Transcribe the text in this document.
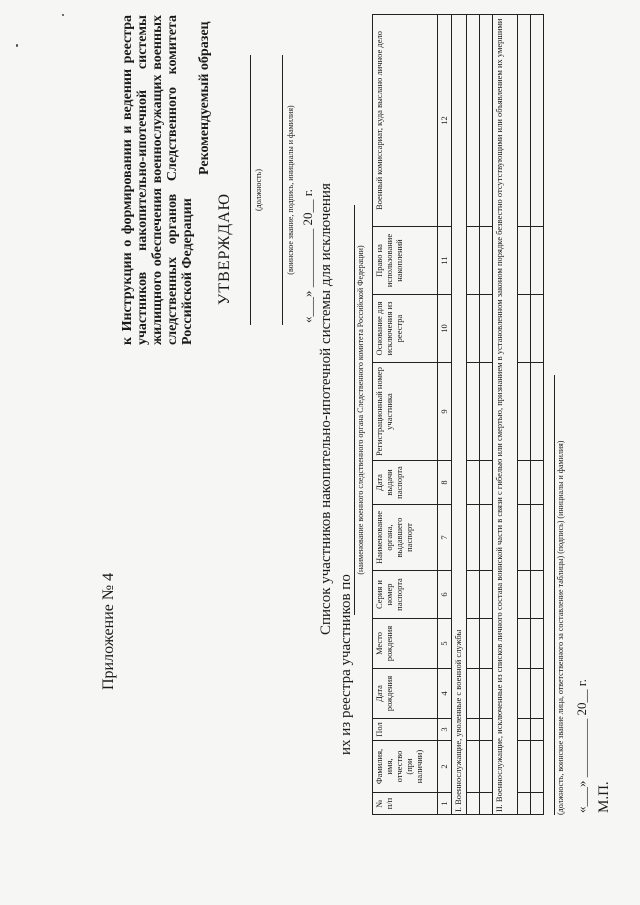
Приложение № 4
к Инструкции о формировании и ведении реестра участников накопительно-ипотечной системы жилищного обеспечения военнослужащих военных следственных органов Следственного комитета Российской Федерации
Рекомендуемый образец
УТВЕРЖДАЮ
(должность)	(воинское звание, подпись, инициалы и фамилия) «___» _________ 20__ г. Список участников накопительно-ипотечной системы для исключения
их из реестра участников по
(наименование военного следственного органа Следственного комитета Российской Федерации)
№ п/п	Фамилия, имя, отчество (при наличии)	Пол	Дата рождения	Место рождения	Серия и номер паспорта	Наименование органа, выдавшего паспорт	Дата выдачи паспорта	Регистрационный номер участника	Основание для исключения из реестра	Право на использование накоплений	Военный комиссариат, куда выслано личное дело
1	2	3	4	5	6	7	8	9	10	11	12
I. Военнослужащие, уволенные с военной службы											

II. Военнослужащие, исключенные из списков личного состава воинской части в связи с гибелью или смертью, признанием в установленном законом порядке безвестно отсутствующими или объявлением их умершими											

												(должность, воинское звание лица, ответственного за составление таблицы) (подпись) (инициалы и фамилия) «___» _________ 20__ г. М.П.
